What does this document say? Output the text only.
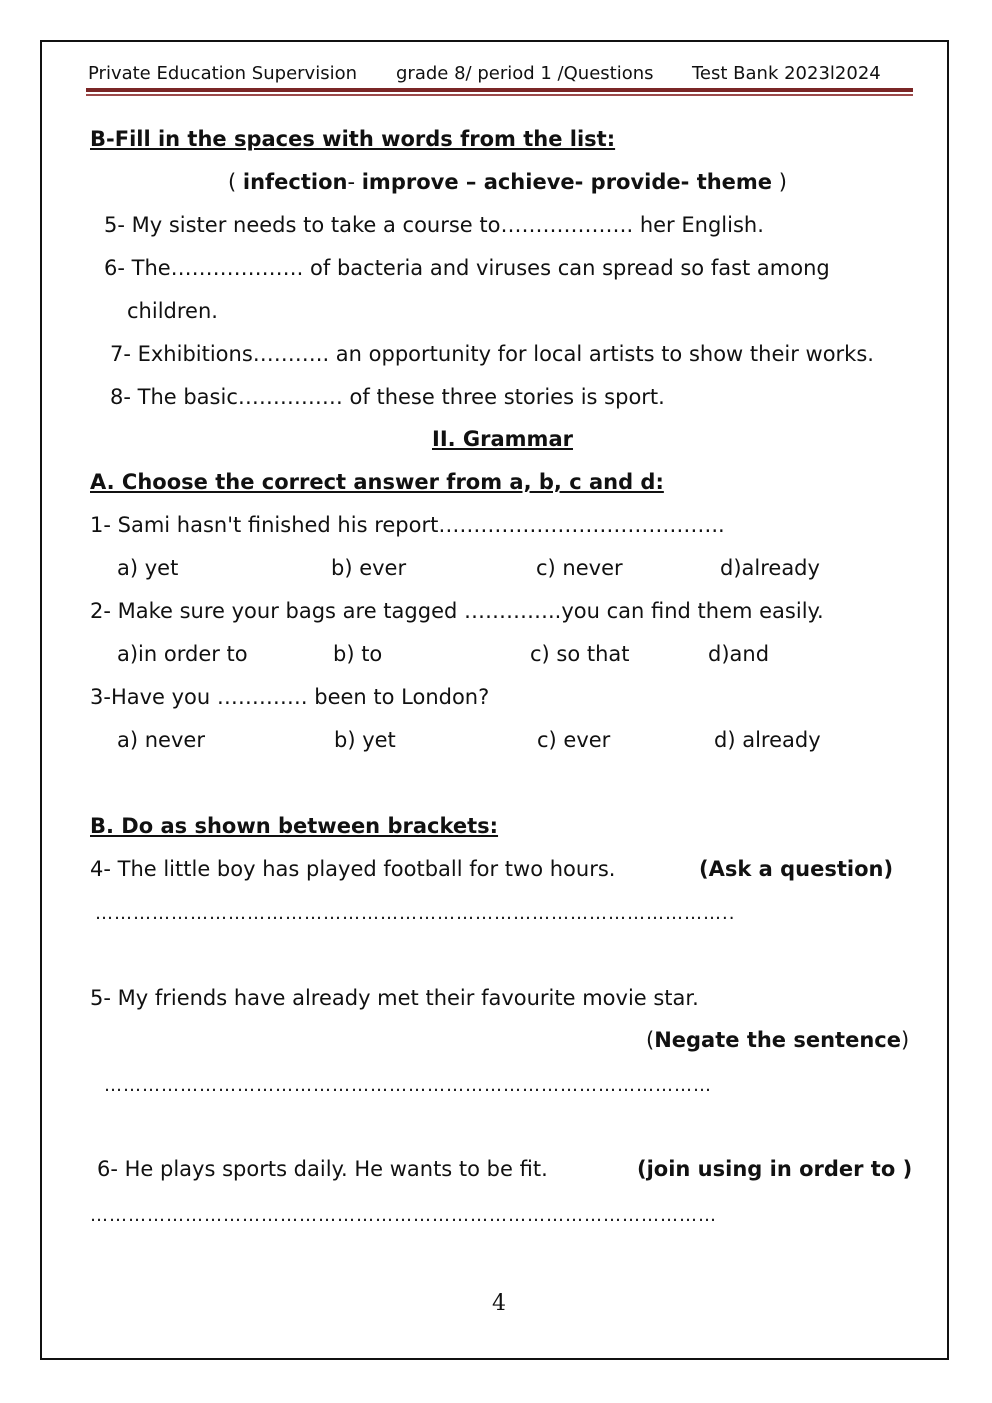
Private Education Supervision grade 8/ period 1 /Questions Test Bank 2023l2024
B-Fill in the spaces with words from the list:
( infection- improve – achieve- provide- theme )
5- My sister needs to take a course to………………. her English.
6- The………………. of bacteria and viruses can spread so fast among
children.
7- Exhibitions……….. an opportunity for local artists to show their works.
8- The basic…………… of these three stories is sport.
II. Grammar
A. Choose the correct answer from a, b, c and d:
1- Sami hasn't finished his report…………………………………..
a) yet	b) ever	c) never	d)already
2- Make sure your bags are tagged …………..you can find them easily.
a)in order to	b) to	c) so that	d)and
3-Have you …………. been to London?
a) never	b) yet	c) ever	d) already
B. Do as shown between brackets:
4- The little boy has played football for two hours.	(Ask a question)
………………………………………………………………………………………..
5- My friends have already met their favourite movie star.
(Negate the sentence)
……………………………………………………………………………………
6- He plays sports daily. He wants to be fit.	(join using in order to )
………………………………………………………………………………………
4
